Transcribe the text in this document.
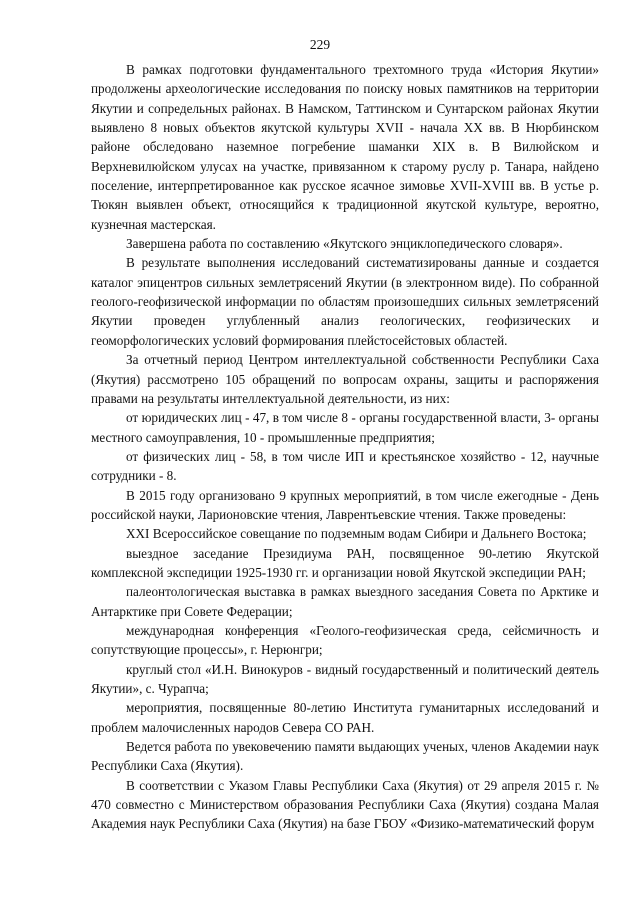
229

В рамках подготовки фундаментального трехтомного труда «История Якутии» продолжены археологические исследования по поиску новых памятников на территории Якутии и сопредельных районах. В Намском, Таттинском и Сунтарском районах Якутии выявлено 8 новых объектов якутской культуры XVII - начала XX вв. В Нюрбинском районе обследовано наземное погребение шаманки XIX в. В Вилюйском и Верхневилюйском улусах на участке, привязанном к старому руслу р. Танара, найдено поселение, интерпретированное как русское ясачное зимовье XVII-XVIII вв. В устье р. Тюкян выявлен объект, относящийся к традиционной якутской культуре, вероятно, кузнечная мастерская.

Завершена работа по составлению «Якутского энциклопедического словаря».

В результате выполнения исследований систематизированы данные и создается каталог эпицентров сильных землетрясений Якутии (в электронном виде). По собранной геолого-геофизической информации по областям произошедших сильных землетрясений Якутии проведен углубленный анализ геологических, геофизических и геоморфологических условий формирования плейстосейстовых областей.

За отчетный период Центром интеллектуальной собственности Республики Саха (Якутия) рассмотрено 105 обращений по вопросам охраны, защиты и распоряжения правами на результаты интеллектуальной деятельности, из них:

от юридических лиц - 47, в том числе 8 - органы государственной власти, 3- органы местного самоуправления, 10 - промышленные предприятия;

от физических лиц - 58, в том числе ИП и крестьянское хозяйство - 12, научные сотрудники - 8.

В 2015 году организовано 9 крупных мероприятий, в том числе ежегодные - День российской науки, Ларионовские чтения, Лаврентьевские чтения. Также проведены:

XXI Всероссийское совещание по подземным водам Сибири и Дальнего Востока;

выездное заседание Президиума РАН, посвященное 90-летию Якутской комплексной экспедиции 1925-1930 гг. и организации новой Якутской экспедиции РАН;

палеонтологическая выставка в рамках выездного заседания Совета по Арктике и Антарктике при Совете Федерации;

международная конференция «Геолого-геофизическая среда, сейсмичность и сопутствующие процессы», г. Нерюнгри;

круглый стол «И.Н. Винокуров - видный государственный и политический деятель Якутии», с. Чурапча;

мероприятия, посвященные 80-летию Института гуманитарных исследований и проблем малочисленных народов Севера СО РАН.

Ведется работа по увековечению памяти выдающих ученых, членов Академии наук Республики Саха (Якутия).

В соответствии с Указом Главы Республики Саха (Якутия) от 29 апреля 2015 г. № 470 совместно с Министерством образования Республики Саха (Якутия) создана Малая Академия наук Республики Саха (Якутия) на базе ГБОУ «Физико-математический форум
